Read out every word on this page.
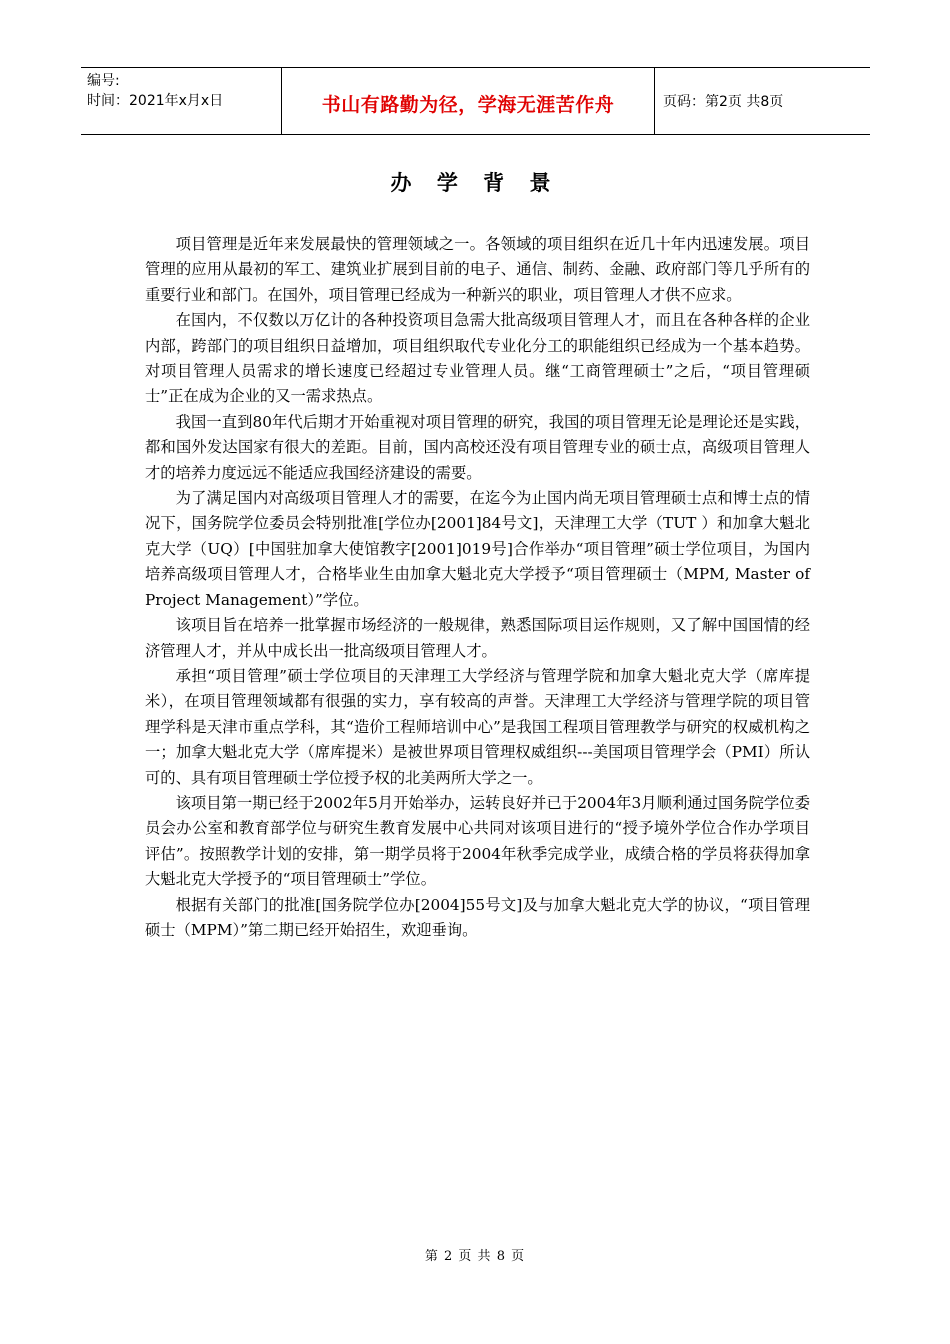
编号:
时间：2021年x月x日	书山有路勤为径，学海无涯苦作舟	页码：第2页 共8页
办 学 背 景

项目管理是近年来发展最快的管理领域之一。各领域的项目组织在近几十年内迅速发展。项目管理的应用从最初的军工、建筑业扩展到目前的电子、通信、制药、金融、政府部门等几乎所有的重要行业和部门。在国外，项目管理已经成为一种新兴的职业，项目管理人才供不应求。

在国内，不仅数以万亿计的各种投资项目急需大批高级项目管理人才，而且在各种各样的企业内部，跨部门的项目组织日益增加，项目组织取代专业化分工的职能组织已经成为一个基本趋势。对项目管理人员需求的增长速度已经超过专业管理人员。继“工商管理硕士”之后，“项目管理硕士”正在成为企业的又一需求热点。

我国一直到80年代后期才开始重视对项目管理的研究，我国的项目管理无论是理论还是实践，都和国外发达国家有很大的差距。目前，国内高校还没有项目管理专业的硕士点，高级项目管理人才的培养力度远远不能适应我国经济建设的需要。

为了满足国内对高级项目管理人才的需要，在迄今为止国内尚无项目管理硕士点和博士点的情况下，国务院学位委员会特别批准[学位办[2001]84号文]，天津理工大学（TUT ）和加拿大魁北克大学（UQ）[中国驻加拿大使馆教字[2001]019号]合作举办“项目管理”硕士学位项目，为国内培养高级项目管理人才，合格毕业生由加拿大魁北克大学授予“项目管理硕士（MPM, Master of Project Management）”学位。

该项目旨在培养一批掌握市场经济的一般规律，熟悉国际项目运作规则，又了解中国国情的经济管理人才，并从中成长出一批高级项目管理人才。

承担“项目管理”硕士学位项目的天津理工大学经济与管理学院和加拿大魁北克大学（席库提米），在项目管理领域都有很强的实力，享有较高的声誉。天津理工大学经济与管理学院的项目管理学科是天津市重点学科，其“造价工程师培训中心”是我国工程项目管理教学与研究的权威机构之一；加拿大魁北克大学（席库提米）是被世界项目管理权威组织---美国项目管理学会（PMI）所认可的、具有项目管理硕士学位授予权的北美两所大学之一。

该项目第一期已经于2002年5月开始举办，运转良好并已于2004年3月顺利通过国务院学位委员会办公室和教育部学位与研究生教育发展中心共同对该项目进行的“授予境外学位合作办学项目评估”。按照教学计划的安排，第一期学员将于2004年秋季完成学业，成绩合格的学员将获得加拿大魁北克大学授予的“项目管理硕士”学位。

根据有关部门的批准[国务院学位办[2004]55号文]及与加拿大魁北克大学的协议，“项目管理硕士（MPM）”第二期已经开始招生，欢迎垂询。

第 2 页 共 8 页
